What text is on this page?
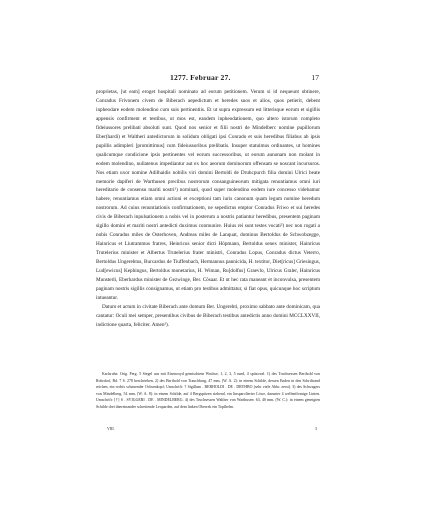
1277. Februar 27.	17

proprietas, [ut eam] eroget hospitali nominato ad eorum petitionem. Verum si id nequeunt obtinere, Conradus Frivonem civem de Biberach aepedictum et heredes suos et alios, quos petierit, debent inpheodare eodem molendino cum suis pertinentiis. Et ut supra expressum est litterisque eorum et sigillis appensis confirment et testibus, ut mos est, eandem inpheodationem, quo altero istorum completo fideiussores prelibati absoluti sunt. Quod nos senior et filii nostri de Mindelberc nomine pupillorum Eber(hardi) et Waltheri antedictorum in solidum obligati ipsi Conrado et suis heredibus filiabus ab ipsis pupillis adimpleri [promittimus] cum fideiussoribus prelibatis. Insuper statuimus ordinantes, ut homines qualicumque condicione ipsis pertinentes vel eorum successoribus, ut eorum aunonam non molant in eodem molendino, nullatenus impediantur aut ex hoc aeorum dominorum offensam se noscant incursuros. Nos etiam uxor nomine Adilhaidis nobilis viri domini Bertoldi de Druhcpurch filia domini Ulrici beate memorie dapiferi de Warthusen precibus nostrorum consanguineorum mitigata renuntiamus omni iuri hereditario de consensu mariti nostri¹) nominati, quod super molendino eodem iure concesso videbamur habere, renuntiamus etiam omni actioni et exceptioni tam iuris canonum quam legum nomine heredum nostrorum. Ad cuius renuntiationis confirmationem, ne sepedictus emptor Conradus Friwo et sui heredes civis de Biberach inpulsationem a nobis vel in posterum a nostris patiantur heredibus, presentem paginam sigillo domini et mariti nostri antedicti duximus conmunire. Huius rei sunt testes vocati²) nec non rogati a nobis Conradus miles de Osterhoven, Andreas miles de Lanquat, dominus Bertoldus de Schwobzegge, Hainricus et Liutrammus fratres, Heinricus senior dicti Höpmann, Bertoldus senex minister, Hainricus Trutelerius minister et Albertus Trutelerius frater ministri, Conradus Lopus, Conradus dictus Veterro, Bertoldus Ungerehtus, Burcardus de Tiuffenbach, Hermannus pannicida, H. textitor, Diet[ricus] Griesingus, Lud[ewicus] Kephingus, Bertoldus monetarius, H. Wiman, Ru[dolfus] Graevlo, Ulricus Graler, Hainricus Munsterli, Eberhardus minister de Gezwinge, Ber. Cösaar. Et ut hec rata maneant et inconvulsa, presentem paginam nostris sigillis consignamus, ut etiam pro testibus admittatur, si fiat opus, quicunque hoc scriptum intueantur.

Datum et actum in civitate Biberach ante domum Ber. Ungerehti, proximo sabbato ante dominicam, qua cantatur: Oculi mei semper, presentibus civibus de Biberach testibus antedictis anno domini MCCLXXVII, indictione quarta, feliciter. Amen³).

Karlsruhe. Orig. Perg. 5 Siegel aus mit Eisenoxyd gemischtem Wachse, 1, 2, 3, 5 rund, 4 spitzoval. 1) des Truchsessen Berthold von Rohrdorf, Bd. 7 S. 278 beschrieben. 2) des Berthold von Trauchburg, 47 mm, (W. A. 2): in einem Schilde, dessen Enden in den Schriftrand reichen, ein rechts schauender Ochsenkopf; Umschrift: † Sigillum . BERHOLDI . DE . DRVHBO (sehr viele Abbr. zerst). 3) des Schwagers von Mindelberg, 54 mm, (W. A. 8): in einem Schilde, auf 4 Bergspitzen stehend, ein linsparolierter Löwe, darunter 4 wellenförmige Linien. Umschrift: [†] S . SVIGGERI . DE . MINDELBERG. 4) des Truchsessen Walther von Warthusen: 63, 40 mm, (W. C.): in einem geneigten Schilde drei übereinander schreitende Leoparden, auf dem linken Oberrek ein Topfhelm.

VIII.	3
